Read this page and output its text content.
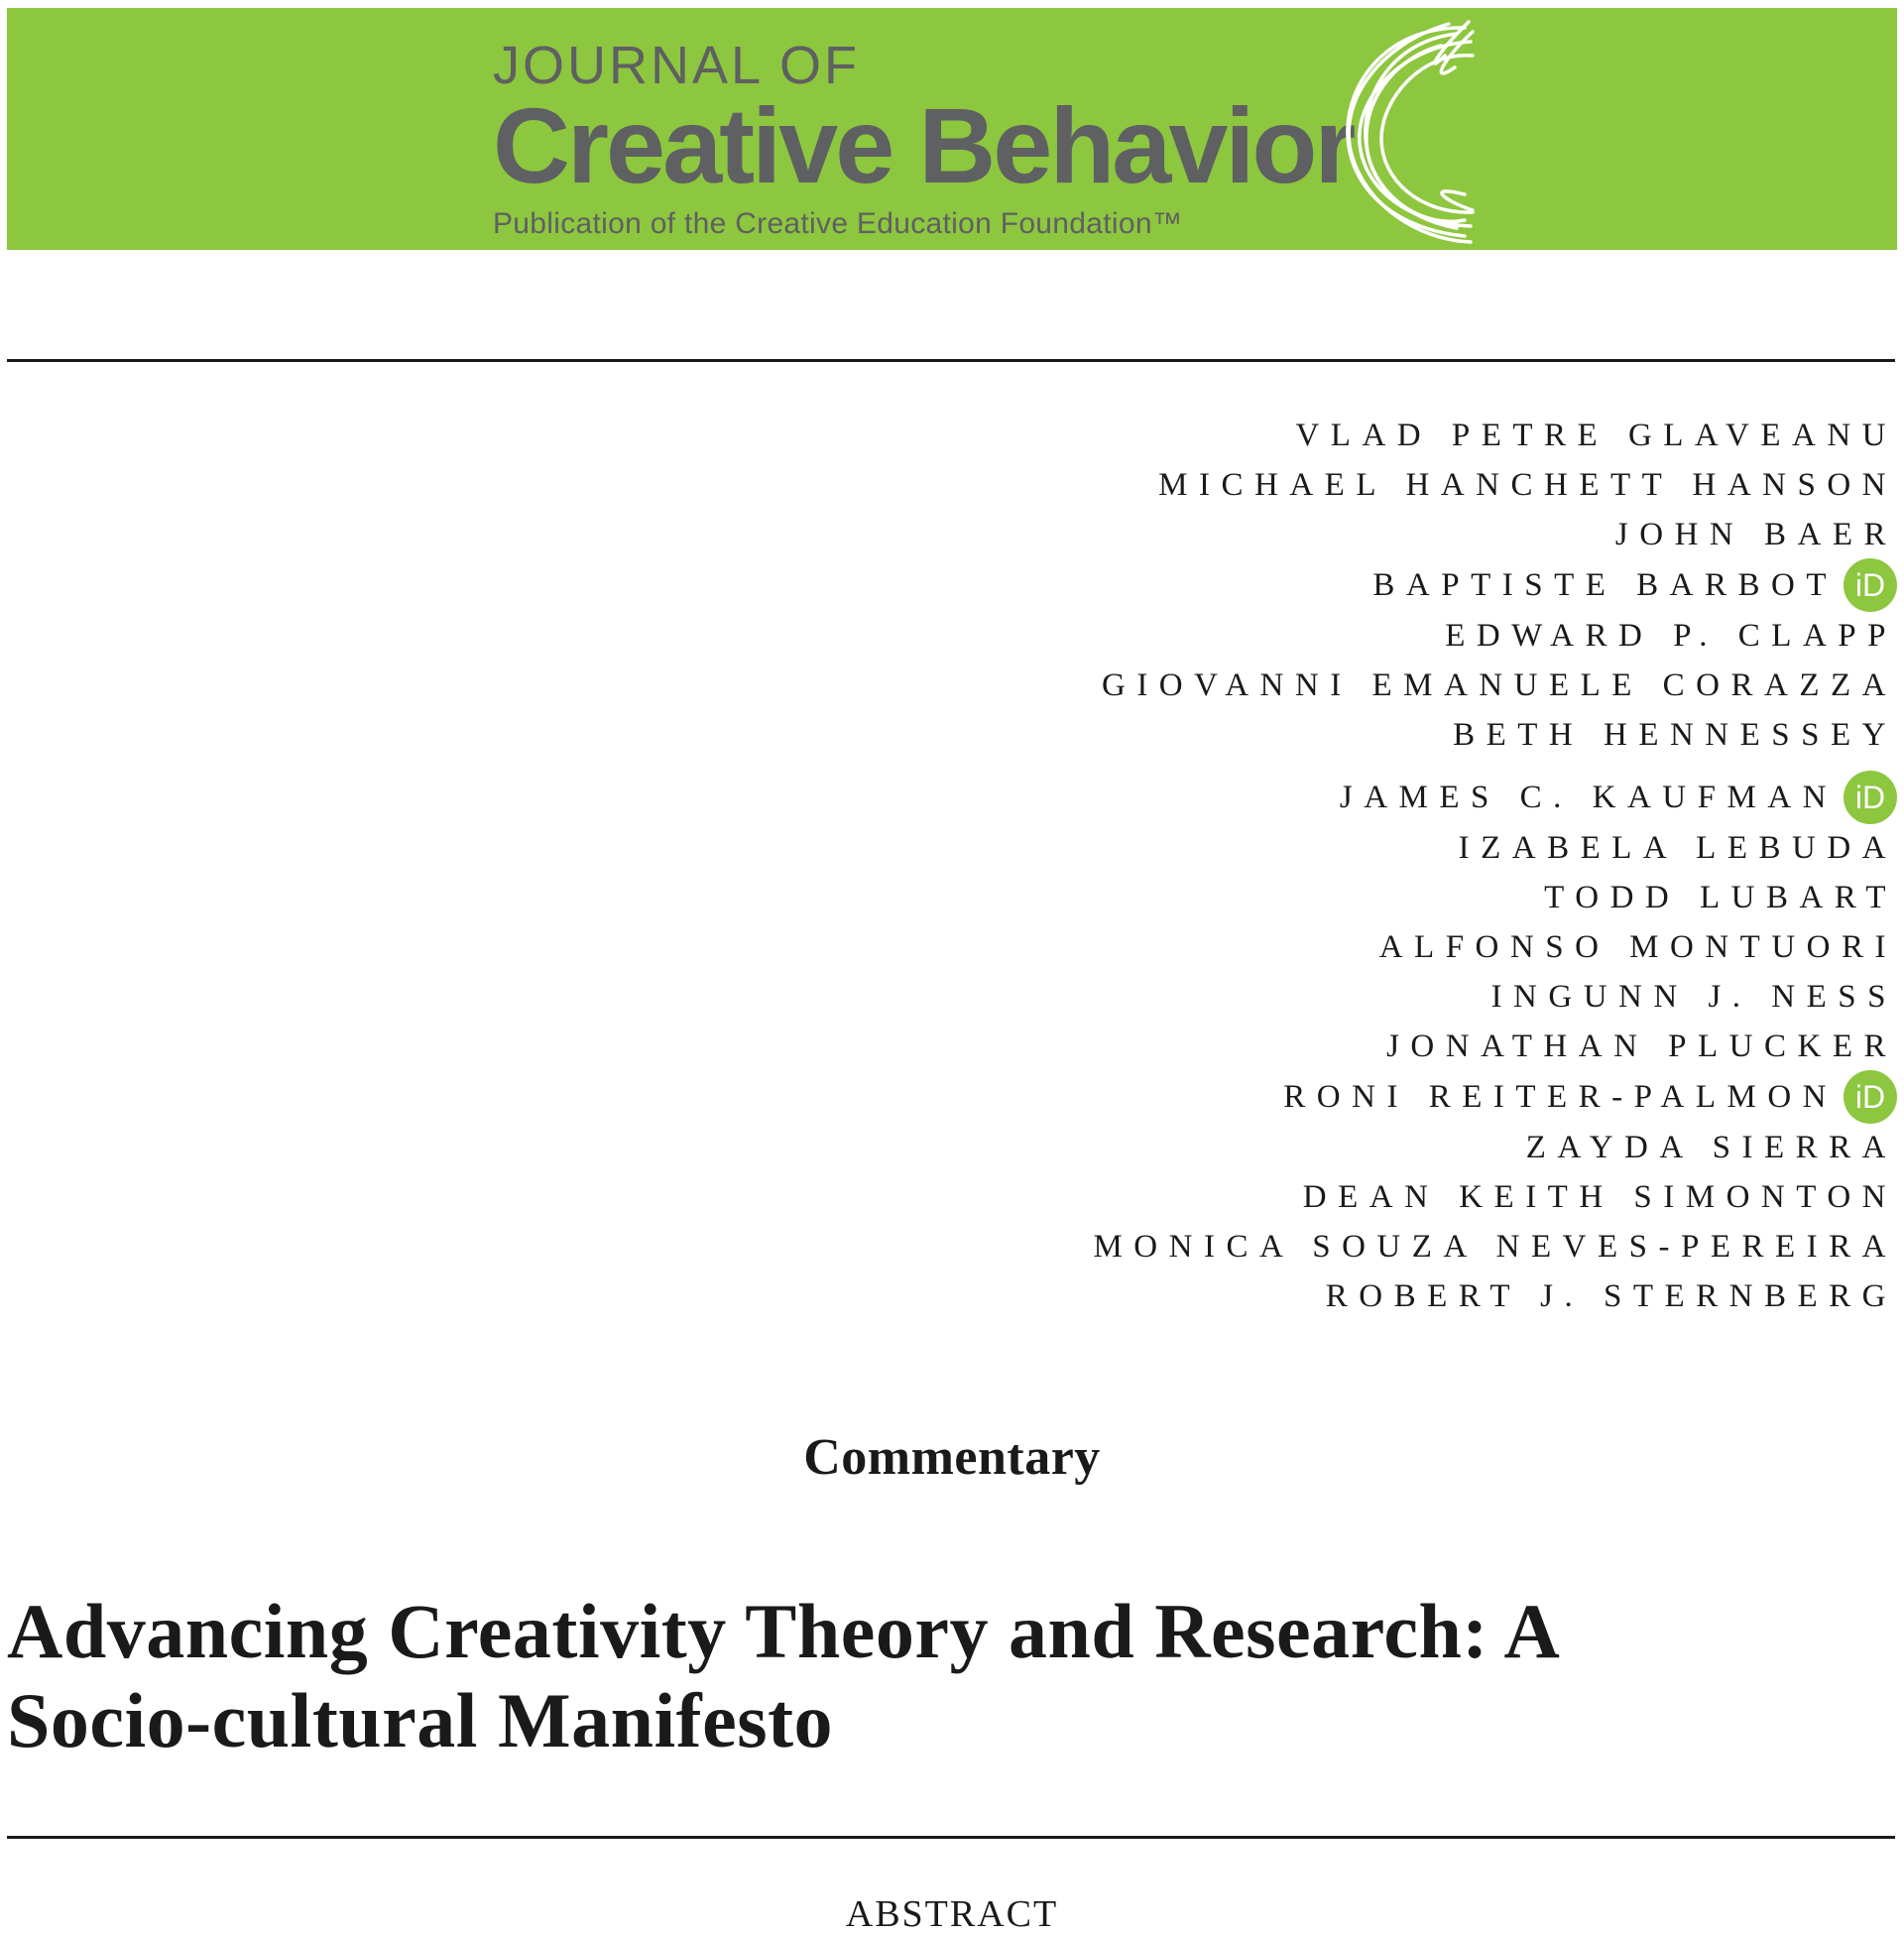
JOURNAL OF
Creative Behavior
Publication of the Creative Education Foundation™
VLAD PETRE GLAVEANU
MICHAEL HANCHETT HANSON
JOHN BAER
BAPTISTE BARBOT iD
EDWARD P. CLAPP
GIOVANNI EMANUELE CORAZZA
BETH HENNESSEY
JAMES C. KAUFMAN iD
IZABELA LEBUDA
TODD LUBART
ALFONSO MONTUORI
INGUNN J. NESS
JONATHAN PLUCKER
RONI REITER-PALMON iD
ZAYDA SIERRA
DEAN KEITH SIMONTON
MONICA SOUZA NEVES-PEREIRA
ROBERT J. STERNBERG
Commentary
Advancing Creativity Theory and Research: A Socio-cultural Manifesto
ABSTRACT
